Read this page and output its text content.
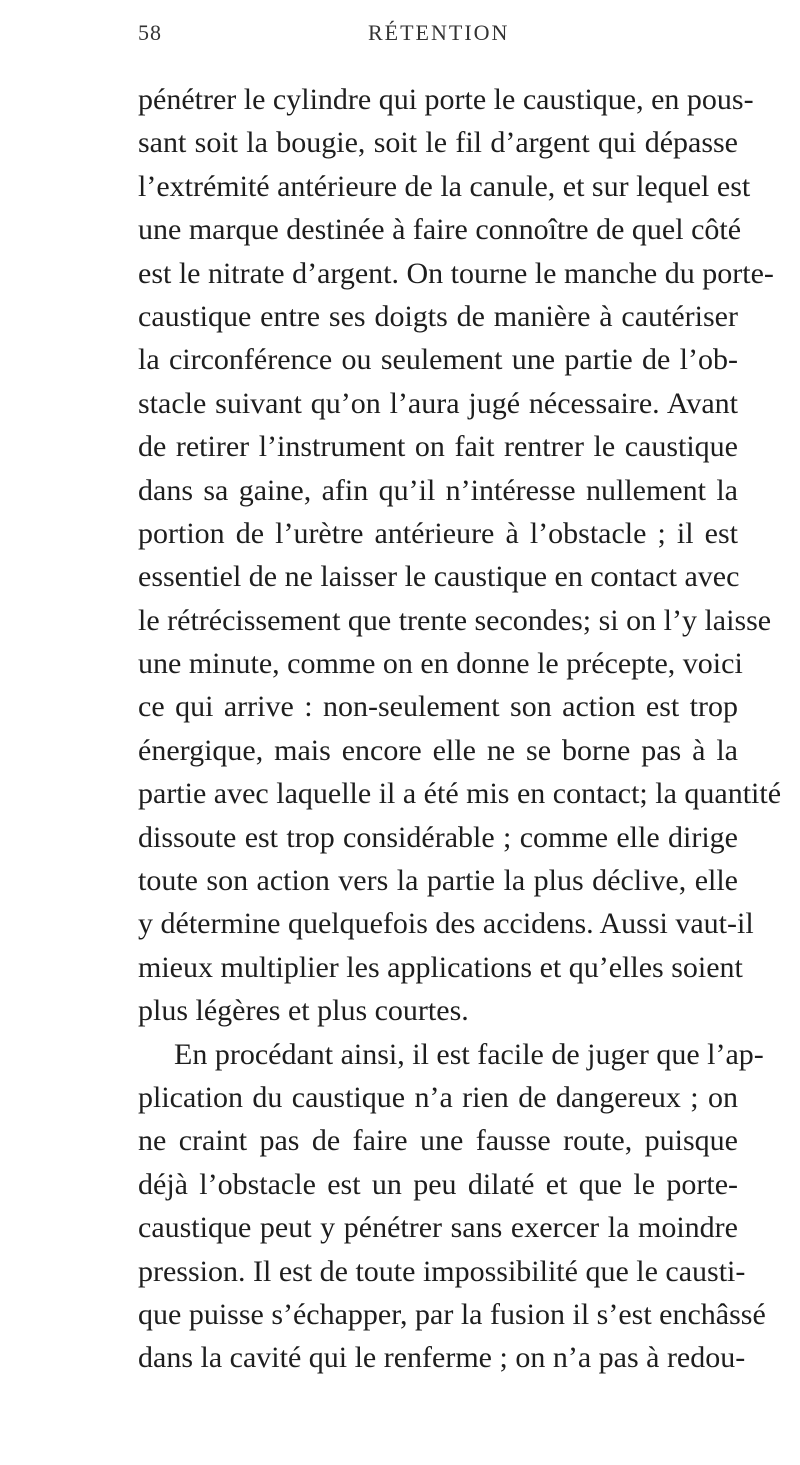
58	RÉTENTION
pénétrer le cylindre qui porte le caustique, en pous-
sant soit la bougie, soit le fil d’argent qui dépasse
l’extrémité antérieure de la canule, et sur lequel est
une marque destinée à faire connoître de quel côté
est le nitrate d’argent. On tourne le manche du porte-
caustique entre ses doigts de manière à cautériser
la circonférence ou seulement une partie de l’ob-
stacle suivant qu’on l’aura jugé nécessaire. Avant
de retirer l’instrument on fait rentrer le caustique
dans sa gaine, afin qu’il n’intéresse nullement la
portion de l’urètre antérieure à l’obstacle ; il est
essentiel de ne laisser le caustique en contact avec
le rétrécissement que trente secondes; si on l’y laisse
une minute, comme on en donne le précepte, voici
ce qui arrive : non-seulement son action est trop
énergique, mais encore elle ne se borne pas à la
partie avec laquelle il a été mis en contact; la quantité
dissoute est trop considérable ; comme elle dirige
toute son action vers la partie la plus déclive, elle
y détermine quelquefois des accidens. Aussi vaut-il
mieux multiplier les applications et qu’elles soient
plus légères et plus courtes.
En procédant ainsi, il est facile de juger que l’ap-
plication du caustique n’a rien de dangereux ; on
ne craint pas de faire une fausse route, puisque
déjà l’obstacle est un peu dilaté et que le porte-
caustique peut y pénétrer sans exercer la moindre
pression. Il est de toute impossibilité que le causti-
que puisse s’échapper, par la fusion il s’est enchâssé
dans la cavité qui le renferme ; on n’a pas à redou-
